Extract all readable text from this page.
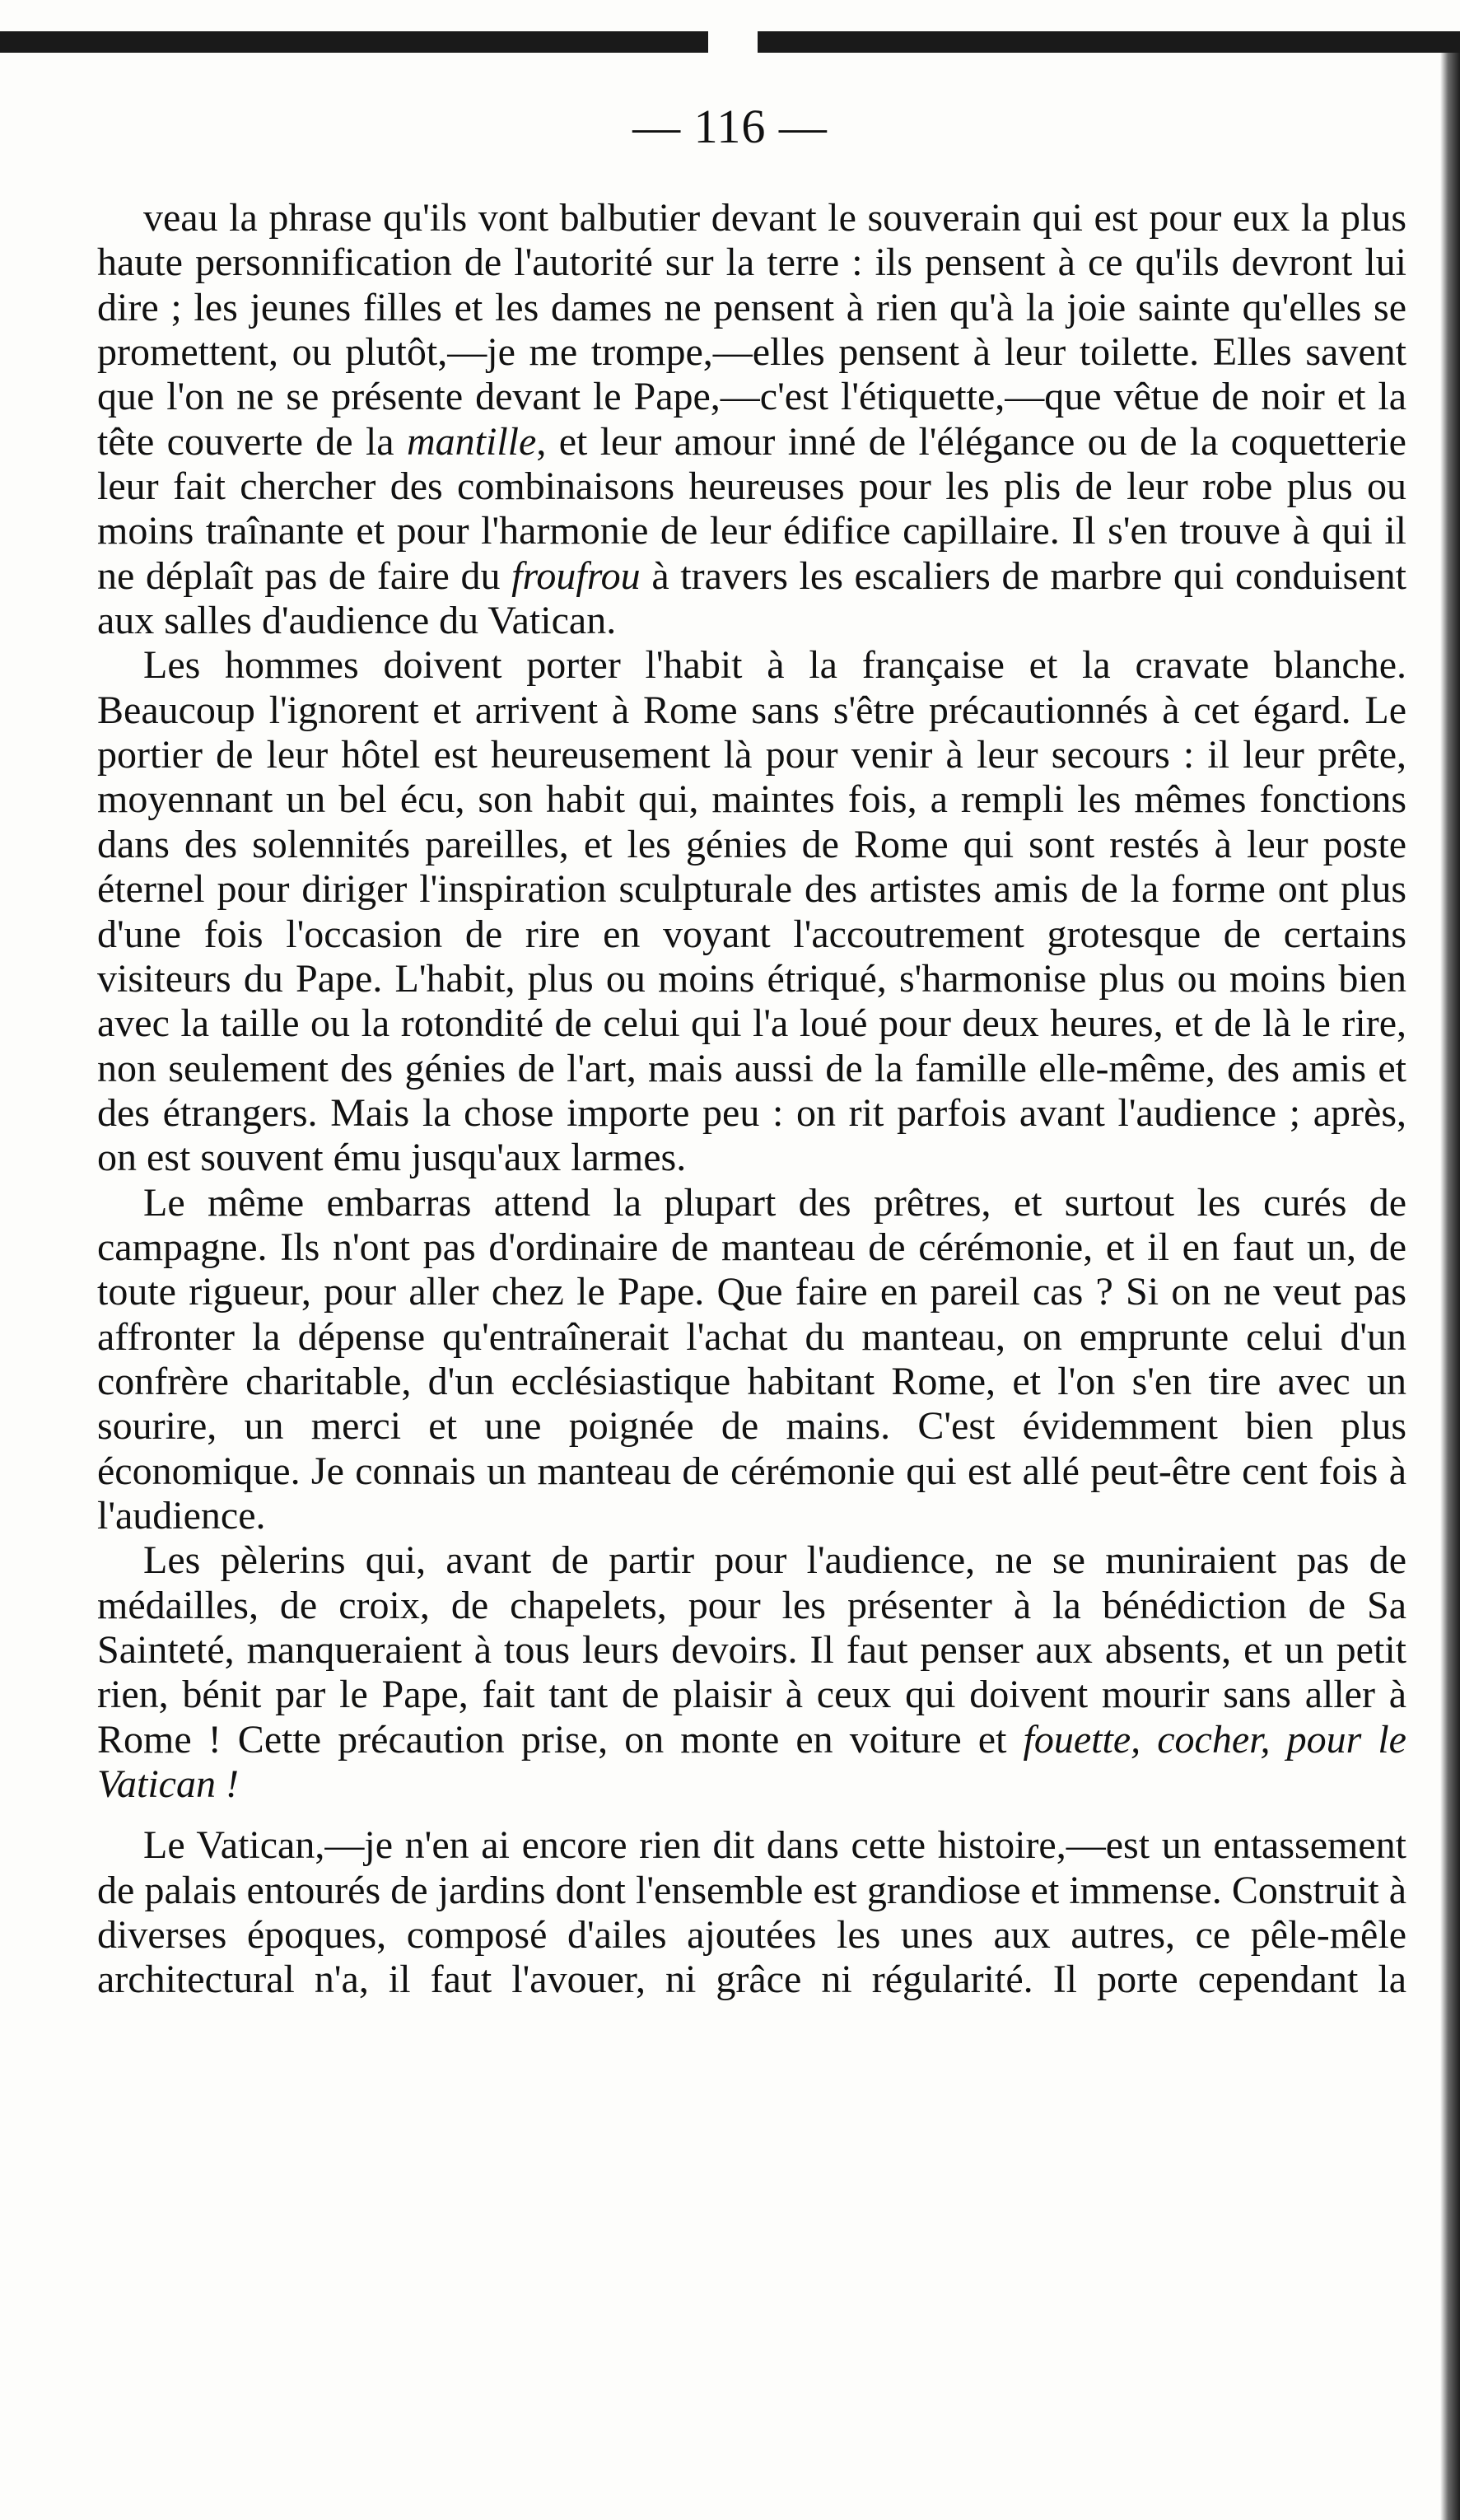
— 116 —

veau la phrase qu'ils vont balbutier devant le souverain qui est pour eux la plus haute personnification de l'autorité sur la terre : ils pensent à ce qu'ils devront lui dire ; les jeunes filles et les dames ne pensent à rien qu'à la joie sainte qu'elles se promettent, ou plutôt,—je me trompe,—elles pensent à leur toilette. Elles savent que l'on ne se présente devant le Pape,—c'est l'étiquette,—que vêtue de noir et la tête couverte de la mantille, et leur amour inné de l'élégance ou de la coquetterie leur fait chercher des combinaisons heureuses pour les plis de leur robe plus ou moins traînante et pour l'harmonie de leur édifice capillaire. Il s'en trouve à qui il ne déplaît pas de faire du froufrou à travers les escaliers de marbre qui conduisent aux salles d'audience du Vatican.

Les hommes doivent porter l'habit à la française et la cravate blanche. Beaucoup l'ignorent et arrivent à Rome sans s'être précautionnés à cet égard. Le portier de leur hôtel est heureusement là pour venir à leur secours : il leur prête, moyennant un bel écu, son habit qui, maintes fois, a rempli les mêmes fonctions dans des solennités pareilles, et les génies de Rome qui sont restés à leur poste éternel pour diriger l'inspiration sculpturale des artistes amis de la forme ont plus d'une fois l'occasion de rire en voyant l'accoutrement grotesque de certains visiteurs du Pape. L'habit, plus ou moins étriqué, s'harmonise plus ou moins bien avec la taille ou la rotondité de celui qui l'a loué pour deux heures, et de là le rire, non seulement des génies de l'art, mais aussi de la famille elle-même, des amis et des étrangers. Mais la chose importe peu : on rit parfois avant l'audience ; après, on est souvent ému jusqu'aux larmes.

Le même embarras attend la plupart des prêtres, et surtout les curés de campagne. Ils n'ont pas d'ordinaire de manteau de cérémonie, et il en faut un, de toute rigueur, pour aller chez le Pape. Que faire en pareil cas ? Si on ne veut pas affronter la dépense qu'entraînerait l'achat du manteau, on emprunte celui d'un confrère charitable, d'un ecclésiastique habitant Rome, et l'on s'en tire avec un sourire, un merci et une poignée de mains. C'est évidemment bien plus économique. Je connais un manteau de cérémonie qui est allé peut-être cent fois à l'audience.

Les pèlerins qui, avant de partir pour l'audience, ne se muniraient pas de médailles, de croix, de chapelets, pour les présenter à la bénédiction de Sa Sainteté, manqueraient à tous leurs devoirs. Il faut penser aux absents, et un petit rien, bénit par le Pape, fait tant de plaisir à ceux qui doivent mourir sans aller à Rome ! Cette précaution prise, on monte en voiture et fouette, cocher, pour le Vatican !

Le Vatican,—je n'en ai encore rien dit dans cette histoire,—est un entassement de palais entourés de jardins dont l'ensemble est grandiose et immense. Construit à diverses époques, composé d'ailes ajoutées les unes aux autres, ce pêle-mêle architectural n'a, il faut l'avouer, ni grâce ni régularité. Il porte cependant la
